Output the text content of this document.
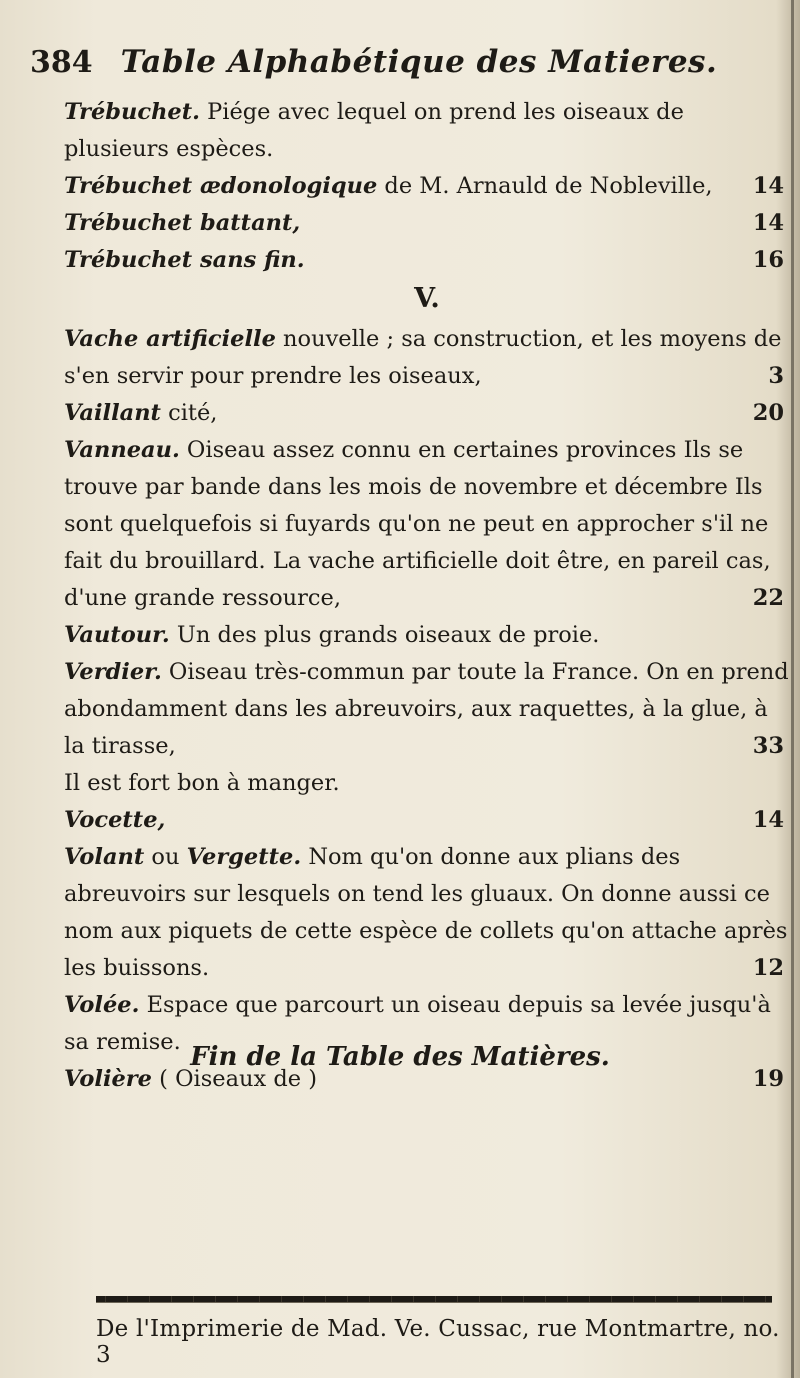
384 Table Alphabétique des Matieres.
Trébuchet. Piége avec lequel on prend les oiseaux de plusieurs espèces.
Trébuchet ædonologique de M. Arnauld de Nobleville, 14
Trébuchet battant,	14
Trébuchet sans fin.	16
V.
Vache artificielle nouvelle ; sa construction, et les moyens de s'en servir pour prendre les oiseaux,	3
Vaillant cité,	20
Vanneau. Oiseau assez connu en certaines provinces Ils se trouve par bande dans les mois de novembre et décembre Ils sont quelquefois si fuyards qu'on ne peut en approcher s'il ne fait du brouillard. La vache artificielle doit être, en pareil cas, d'une grande ressource,	22
Vautour. Un des plus grands oiseaux de proie.
Verdier. Oiseau très-commun par toute la France. On en prend abondamment dans les abreuvoirs, aux raquettes, à la glue, à la tirasse,	33
Il est fort bon à manger.
Vocette,	14
Volant ou Vergette. Nom qu'on donne aux plians des abreuvoirs sur lesquels on tend les gluaux. On donne aussi ce nom aux piquets de cette espèce de collets qu'on attache après les buissons.	12
Volée. Espace que parcourt un oiseau depuis sa levée jusqu'à sa remise.
Volière ( Oiseaux de )	19
Fin de la Table des Matières.
De l'Imprimerie de Mad. Ve. Cussac, rue Montmartre, no. 3
